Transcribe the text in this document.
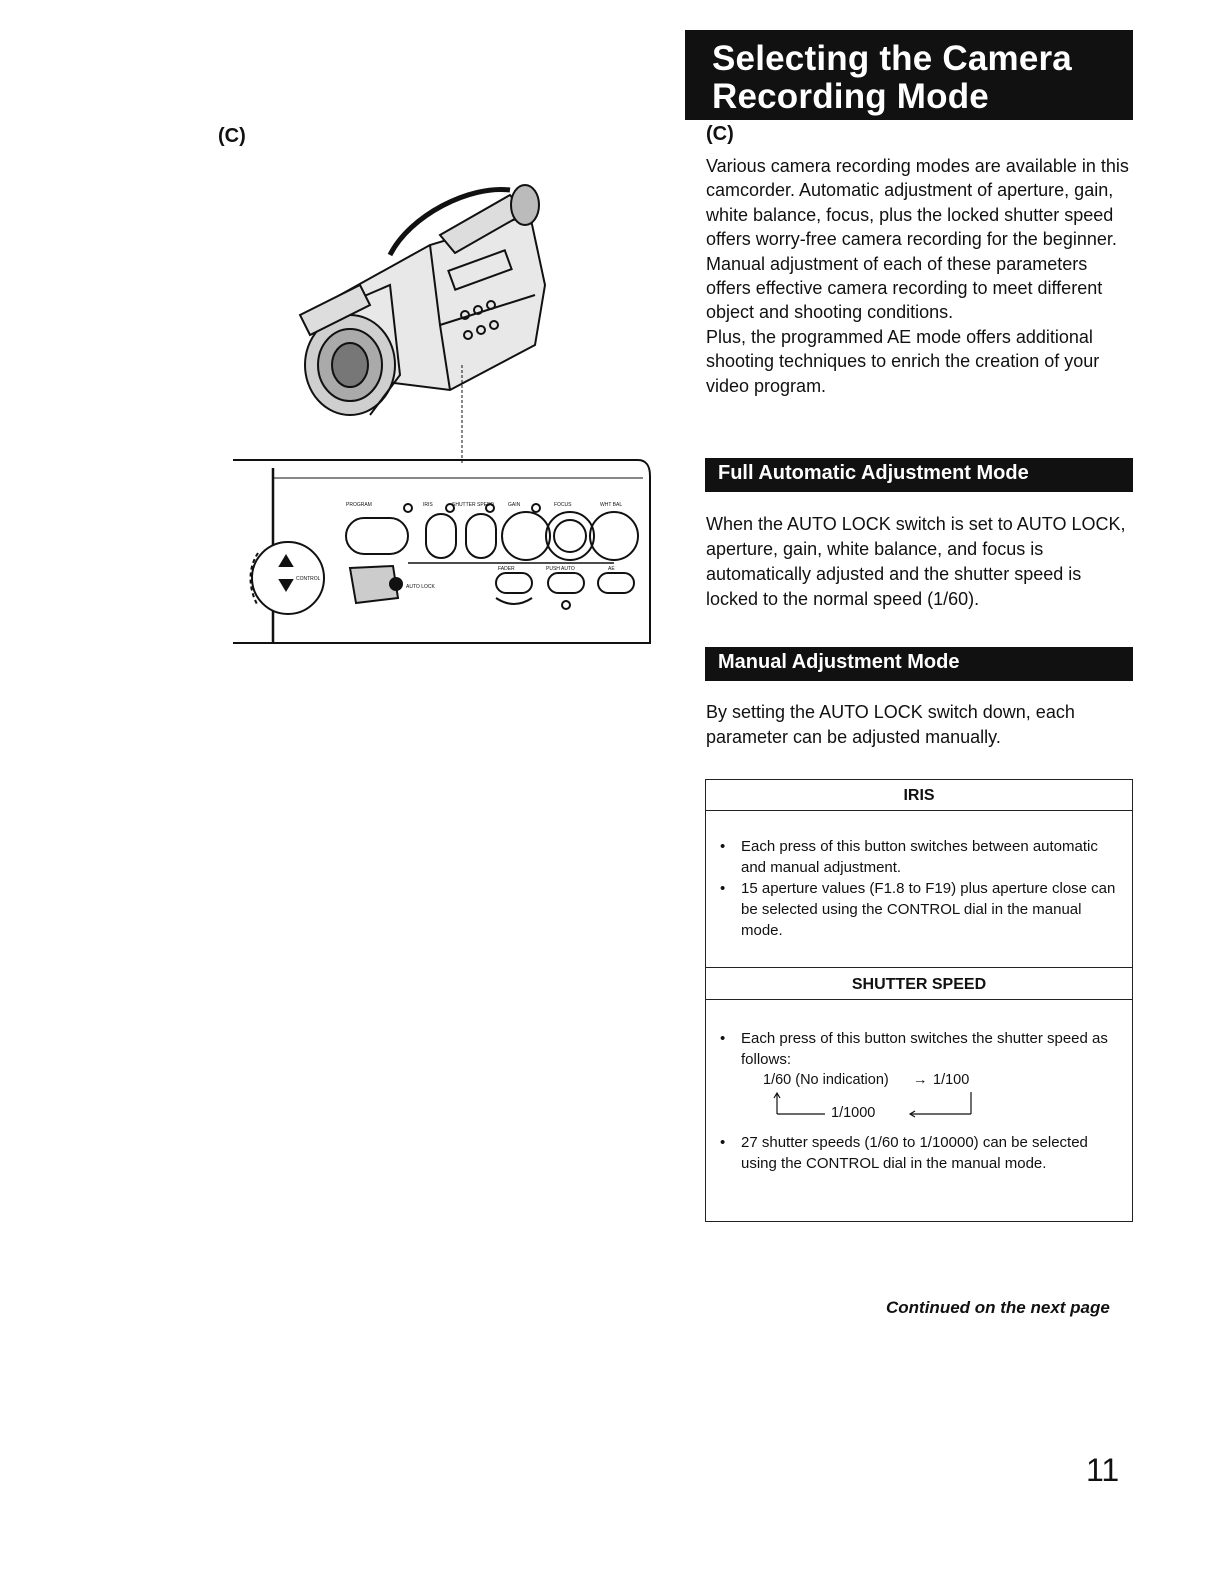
(C)
PROGRAM	IRIS	SHUTTER SPEED	GAIN	FOCUS	WHT BAL
CONTROL
FADER	PUSH AUTO	AE
AUTO LOCK
Selecting the Camera
Recording Mode
(C)

Various camera recording modes are available in this camcorder. Automatic adjustment of aperture, gain, white balance, focus, plus the locked shutter speed offers worry-free camera recording for the beginner. Manual adjustment of each of these parameters offers effective camera recording to meet different object and shooting conditions.

Plus, the programmed AE mode offers additional shooting techniques to enrich the creation of your video program.

Full Automatic Adjustment Mode
When the AUTO LOCK switch is set to AUTO LOCK, aperture, gain, white balance, and focus is automatically adjusted and the shutter speed is locked to the normal speed (1/60).
Manual Adjustment Mode
By setting the AUTO LOCK switch down, each parameter can be adjusted manually.
IRIS

• Each press of this button switches between automatic and manual adjustment.

• 15 aperture values (F1.8 to F19) plus aperture close can be selected using the CONTROL dial in the manual mode.

SHUTTER SPEED

• Each press of this button switches the shutter speed as follows:

1/60 (No indication) → 1/100
1/1000

• 27 shutter speeds (1/60 to 1/10000) can be selected using the CONTROL dial in the manual mode.

Continued on the next page
11
